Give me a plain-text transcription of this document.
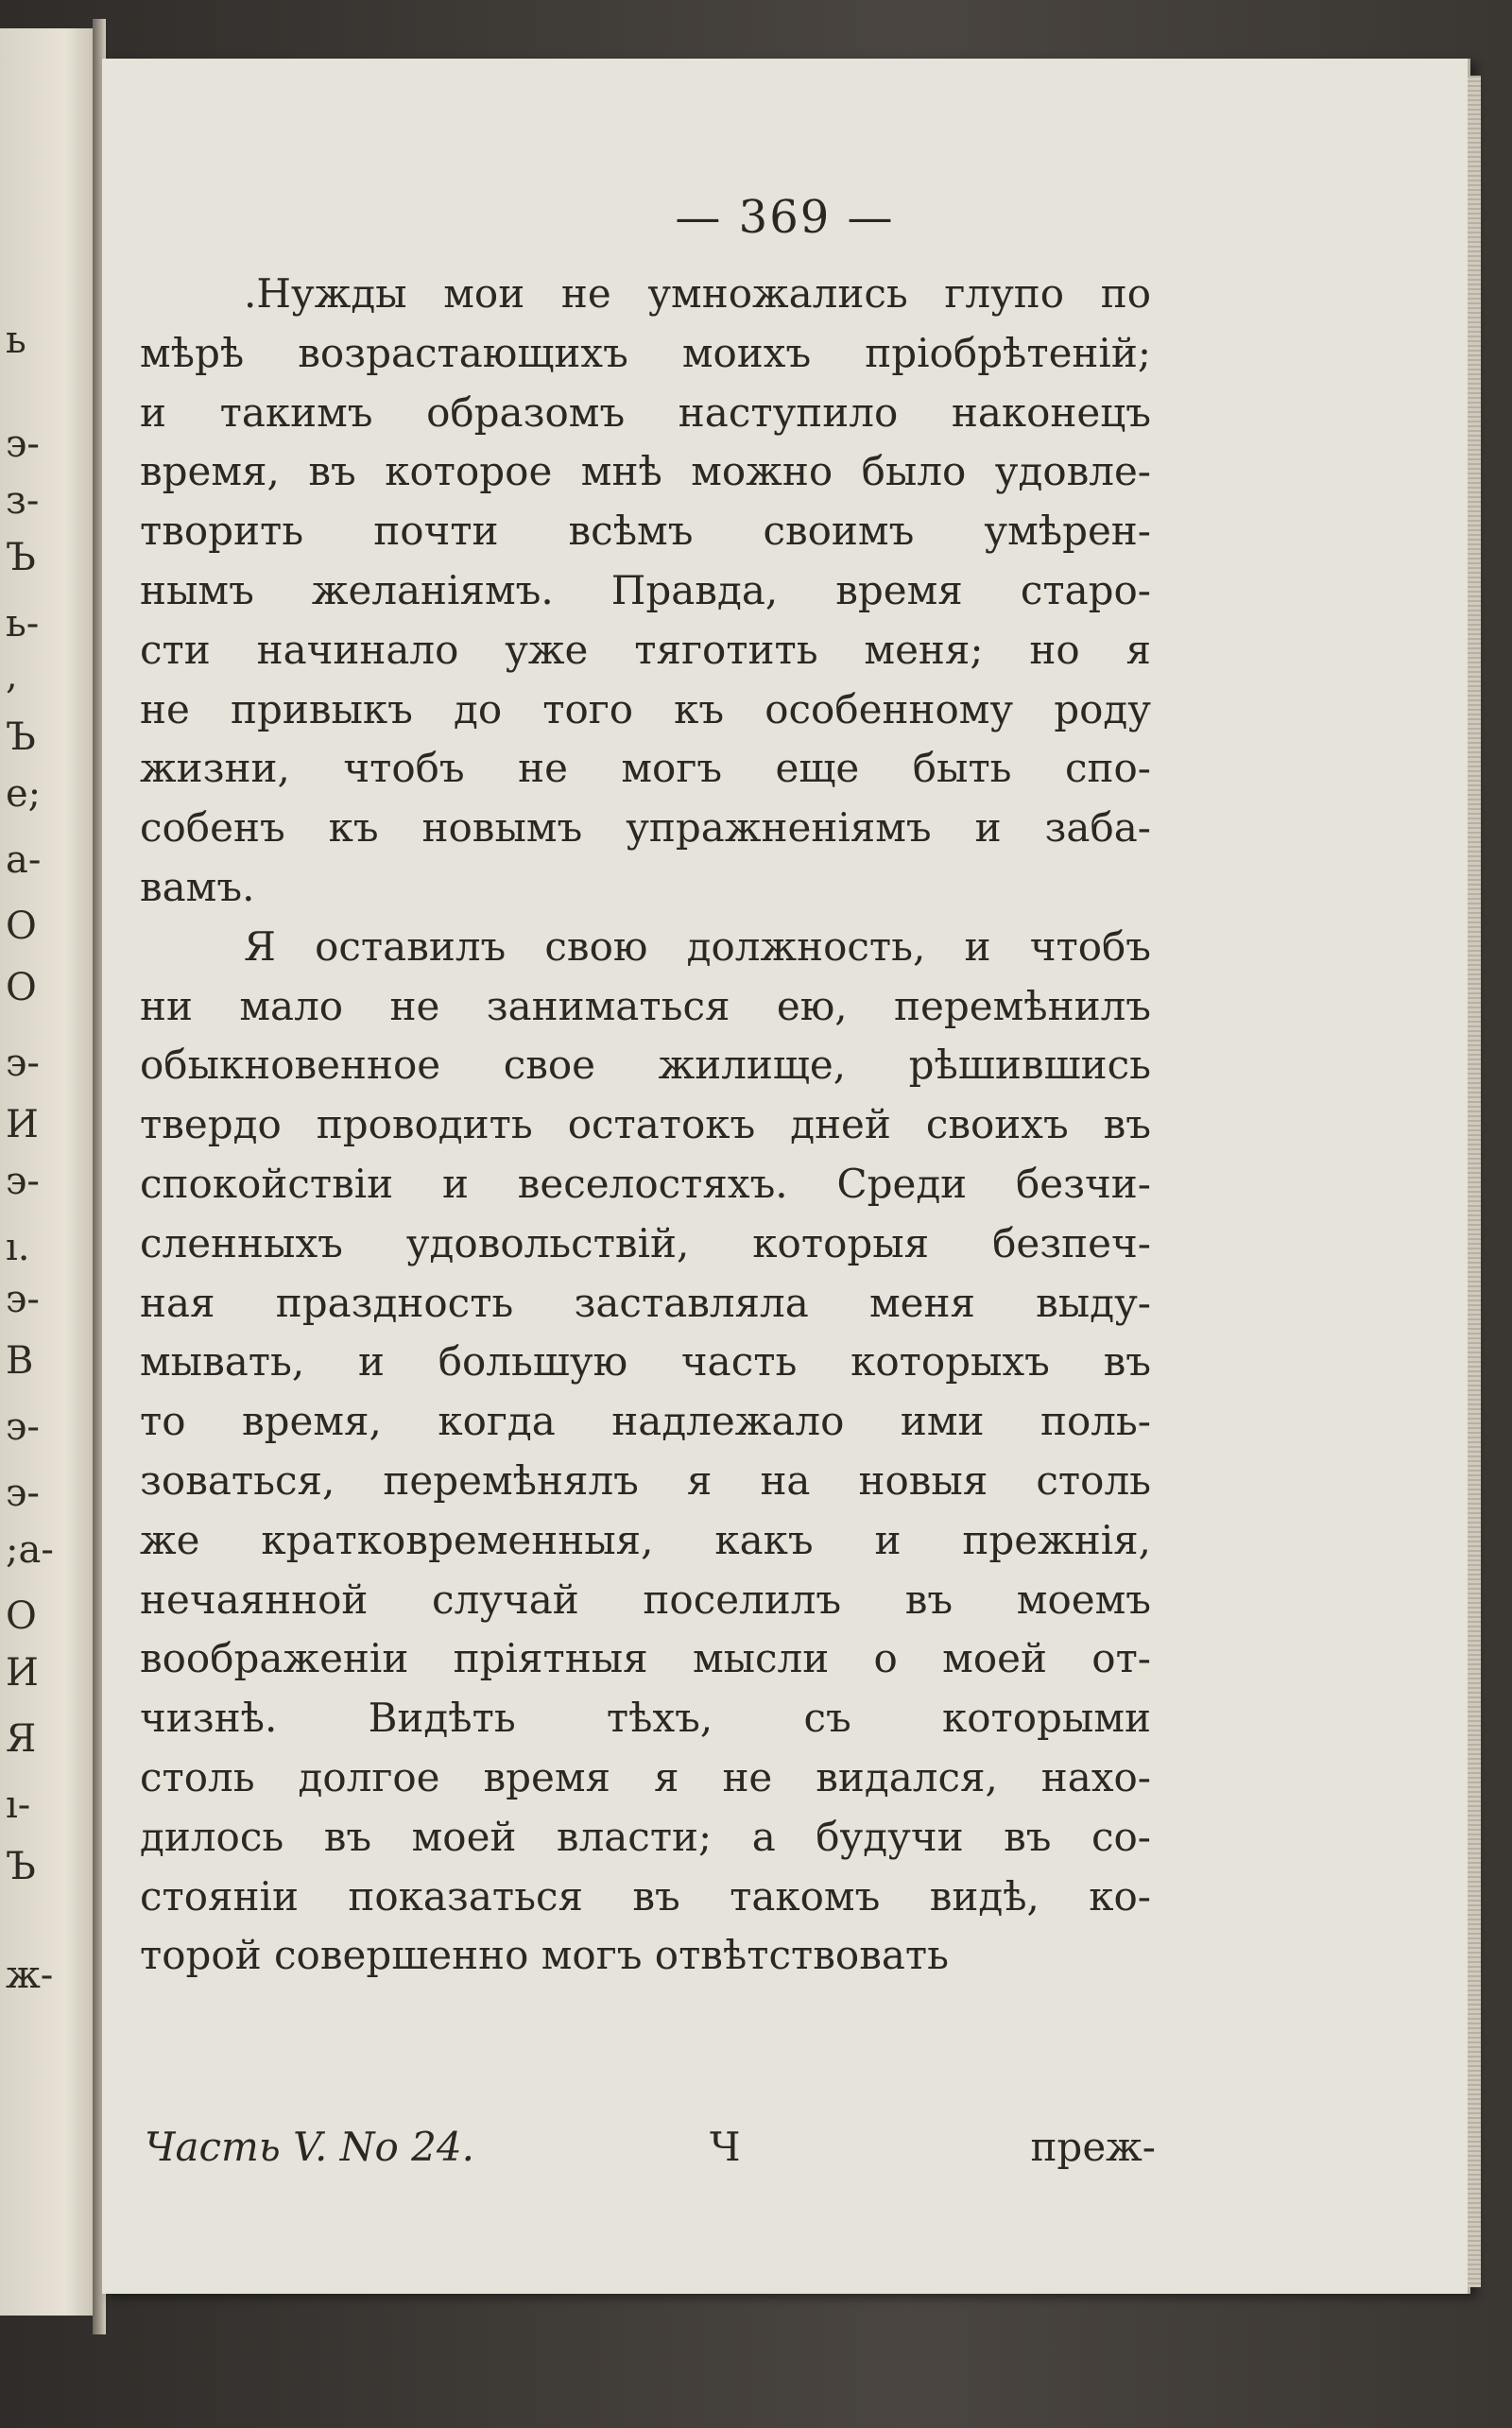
ь
э-
з-
Ъ
ь-
,
Ъ
е;
а-
О
О
э-
И
э-
ı.
э-
В
э-
э-
;а-
О
И
Я
ı-
Ъ
ж-
— 369 —
.Нужды мои не умножались глупо по
мѣрѣ возрастающихъ моихъ пріобрѣтеній;
и такимъ образомъ наступило наконецъ
время, въ которое мнѣ можно было удовле-
творить почти всѣмъ своимъ умѣрен-
нымъ желаніямъ. Правда, время старо-
сти начинало уже тяготить меня; но я
не привыкъ до того къ особенному роду
жизни, чтобъ не могъ еще быть спо-
собенъ къ новымъ упражненіямъ и заба-
вамъ.
Я оставилъ свою должность, и чтобъ
ни мало не заниматься ею, перемѣнилъ
обыкновенное свое жилище, рѣшившись
твердо проводить остатокъ дней своихъ въ
спокойствіи и веселостяхъ. Среди безчи-
сленныхъ удовольствій, которыя безпеч-
ная праздность заставляла меня выду-
мывать, и большую часть которыхъ въ
то время, когда надлежало ими поль-
зоваться, перемѣнялъ я на новыя столь
же кратковременныя, какъ и прежнія,
нечаянной случай поселилъ въ моемъ
воображеніи пріятныя мысли о моей от-
чизнѣ. Видѣть тѣхъ, съ которыми
столь долгое время я не видался, нахо-
дилось въ моей власти; а будучи въ со-
стояніи показаться въ такомъ видѣ, ко-
торой совершенно могъ отвѣтствовать
Часть V. No 24.	Ч	преж-
